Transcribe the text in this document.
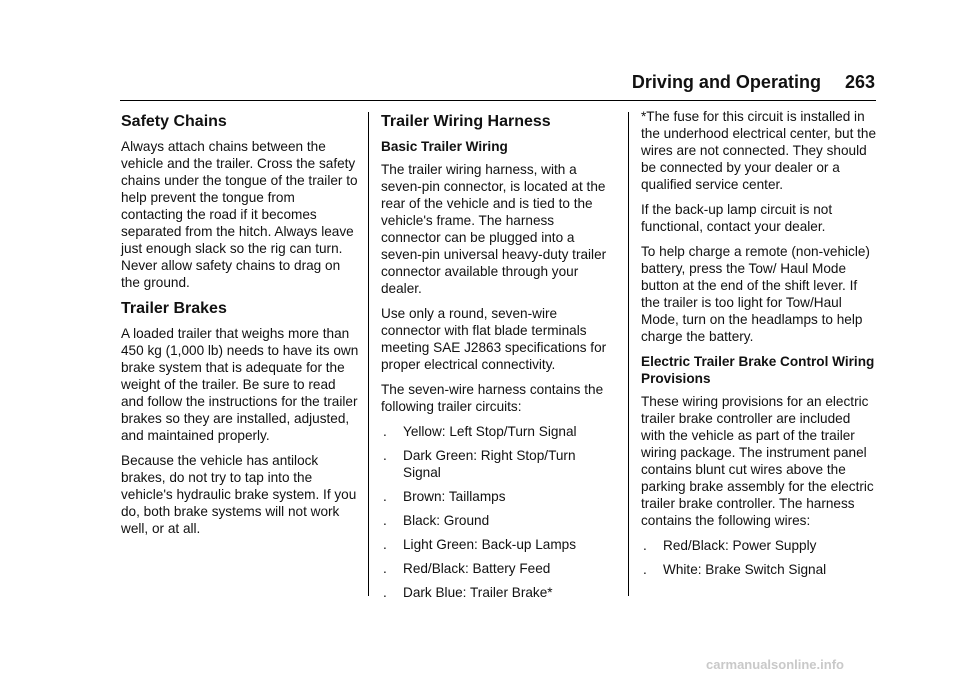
Driving and Operating 263
Safety Chains

Always attach chains between the vehicle and the trailer. Cross the safety chains under the tongue of the trailer to help prevent the tongue from contacting the road if it becomes separated from the hitch. Always leave just enough slack so the rig can turn. Never allow safety chains to drag on the ground.

Trailer Brakes

A loaded trailer that weighs more than 450 kg (1,000 lb) needs to have its own brake system that is adequate for the weight of the trailer. Be sure to read and follow the instructions for the trailer brakes so they are installed, adjusted, and maintained properly.

Because the vehicle has antilock brakes, do not try to tap into the vehicle's hydraulic brake system. If you do, both brake systems will not work well, or at all.

Trailer Wiring Harness
Basic Trailer Wiring

The trailer wiring harness, with a seven-pin connector, is located at the rear of the vehicle and is tied to the vehicle's frame. The harness connector can be plugged into a seven-pin universal heavy-duty trailer connector available through your dealer.

Use only a round, seven-wire connector with flat blade terminals meeting SAE J2863 specifications for proper electrical connectivity.

The seven-wire harness contains the following trailer circuits:

.	Yellow: Left Stop/Turn Signal
.	Dark Green: Right Stop/Turn Signal
.	Brown: Taillamps
.	Black: Ground
.	Light Green: Back-up Lamps
.	Red/Black: Battery Feed
.	Dark Blue: Trailer Brake*

*The fuse for this circuit is installed in the underhood electrical center, but the wires are not connected. They should be connected by your dealer or a qualified service center.

If the back-up lamp circuit is not functional, contact your dealer.

To help charge a remote (non-vehicle) battery, press the Tow/ Haul Mode button at the end of the shift lever. If the trailer is too light for Tow/Haul Mode, turn on the headlamps to help charge the battery.

Electric Trailer Brake Control Wiring Provisions

These wiring provisions for an electric trailer brake controller are included with the vehicle as part of the trailer wiring package. The instrument panel contains blunt cut wires above the parking brake assembly for the electric trailer brake controller. The harness contains the following wires:

.	Red/Black: Power Supply
.	White: Brake Switch Signal
carmanualsonline.info
